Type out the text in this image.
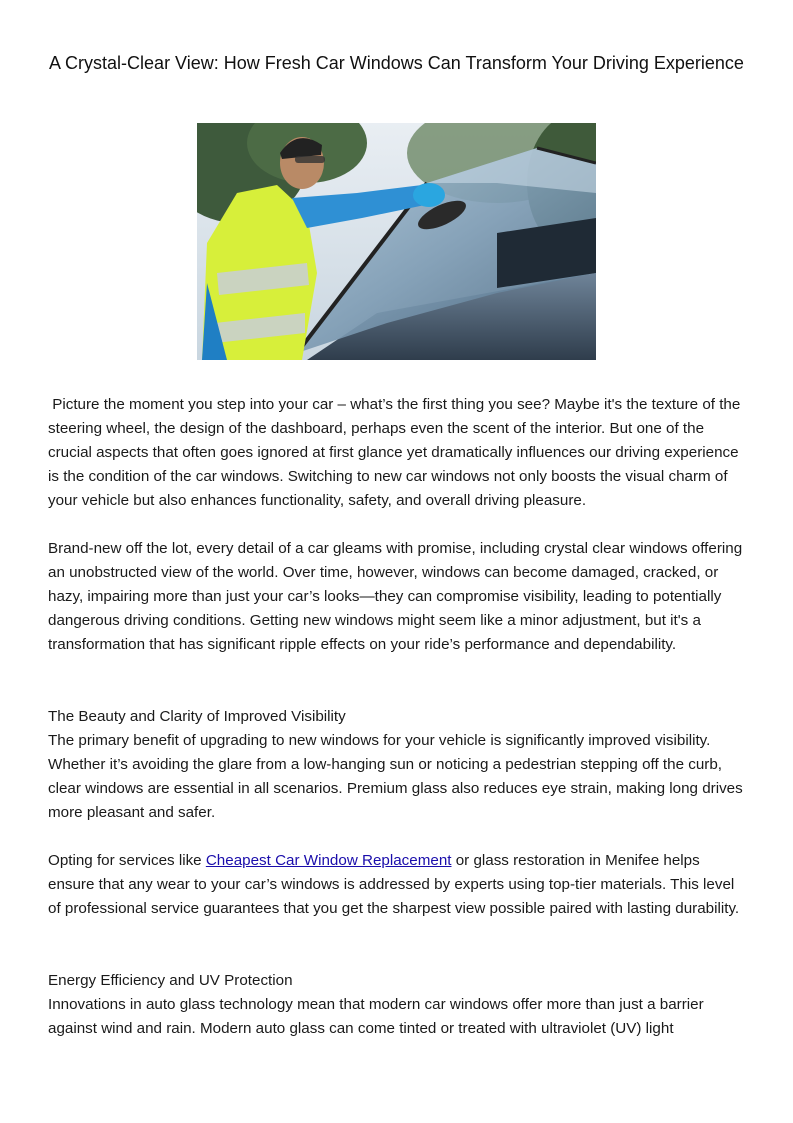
A Crystal-Clear View: How Fresh Car Windows Can Transform Your Driving Experience

Picture the moment you step into your car – what’s the first thing you see? Maybe it's the texture of the steering wheel, the design of the dashboard, perhaps even the scent of the interior. But one of the crucial aspects that often goes ignored at first glance yet dramatically influences our driving experience is the condition of the car windows. Switching to new car windows not only boosts the visual charm of your vehicle but also enhances functionality, safety, and overall driving pleasure.

Brand-new off the lot, every detail of a car gleams with promise, including crystal clear windows offering an unobstructed view of the world. Over time, however, windows can become damaged, cracked, or hazy, impairing more than just your car’s looks—they can compromise visibility, leading to potentially dangerous driving conditions. Getting new windows might seem like a minor adjustment, but it's a transformation that has significant ripple effects on your ride’s performance and dependability.

The Beauty and Clarity of Improved Visibility
The primary benefit of upgrading to new windows for your vehicle is significantly improved visibility. Whether it’s avoiding the glare from a low-hanging sun or noticing a pedestrian stepping off the curb, clear windows are essential in all scenarios. Premium glass also reduces eye strain, making long drives more pleasant and safer.

Opting for services like Cheapest Car Window Replacement or glass restoration in Menifee helps ensure that any wear to your car’s windows is addressed by experts using top-tier materials. This level of professional service guarantees that you get the sharpest view possible paired with lasting durability.

Energy Efficiency and UV Protection
Innovations in auto glass technology mean that modern car windows offer more than just a barrier against wind and rain. Modern auto glass can come tinted or treated with ultraviolet (UV) light
